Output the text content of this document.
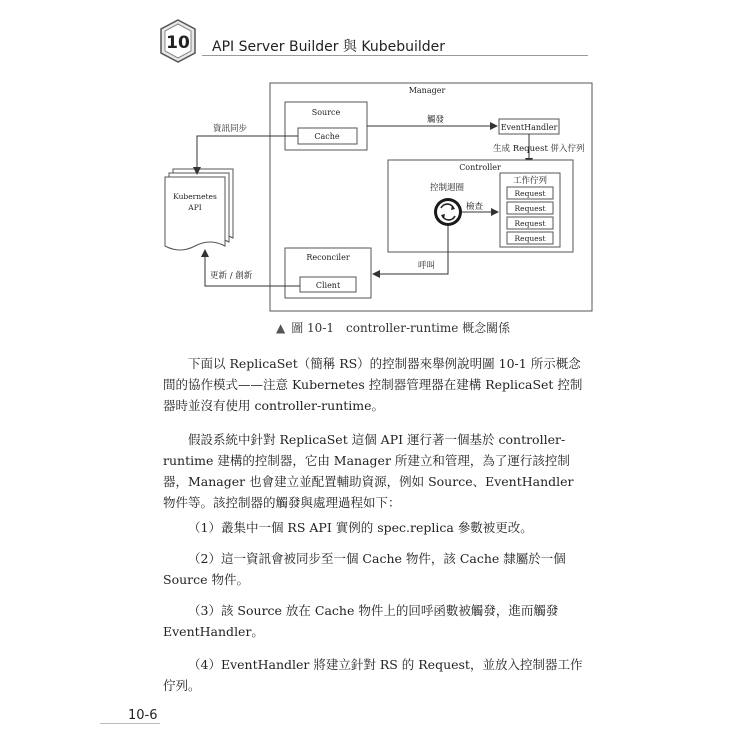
10 API Server Builder 與 Kubebuilder
Manager
Source
Cache
EventHandler
觸發
生成 Request 併入佇列
Controller
工作佇列
Request
Request
Request
Request
控制迴圈
檢查
呼叫
Reconciler
Client
Kubernetes
API
資訊同步
更新 / 創新
▲ 圖 10-1　controller-runtime 概念關係

下面以 ReplicaSet（簡稱 RS）的控制器來舉例說明圖 10-1 所示概念間的協作模式——注意 Kubernetes 控制器管理器在建構 ReplicaSet 控制器時並沒有使用 controller-runtime。

假設系統中針對 ReplicaSet 這個 API 運行著一個基於 controller-runtime 建構的控制器，它由 Manager 所建立和管理，為了運行該控制器，Manager 也會建立並配置輔助資源，例如 Source、EventHandler 物件等。該控制器的觸發與處理過程如下：

（1）叢集中一個 RS API 實例的 spec.replica 參數被更改。

（2）這一資訊會被同步至一個 Cache 物件，該 Cache 隸屬於一個 Source 物件。

（3）該 Source 放在 Cache 物件上的回呼函數被觸發，進而觸發 EventHandler。

（4）EventHandler 將建立針對 RS 的 Request，並放入控制器工作佇列。

10-6
